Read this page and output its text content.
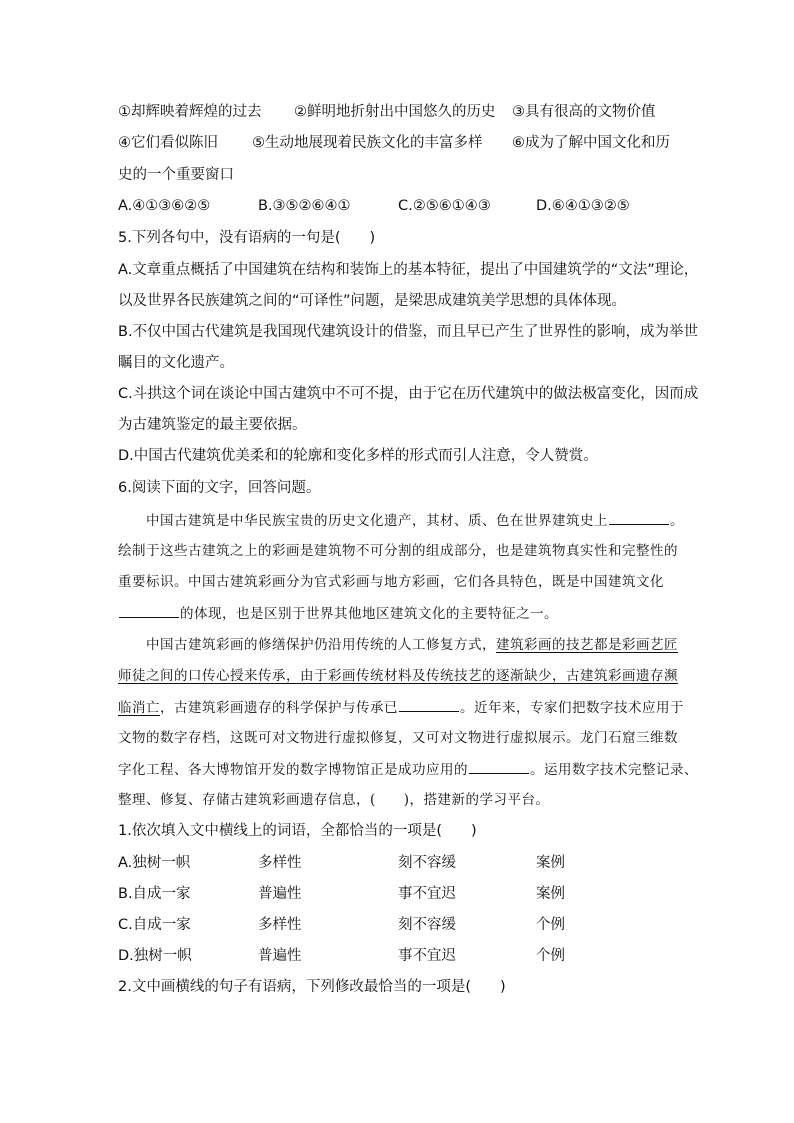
①却辉映着辉煌的过去 ②鲜明地折射出中国悠久的历史 ③具有很高的文物价值
④它们看似陈旧 ⑤生动地展现着民族文化的丰富多样 ⑥成为了解中国文化和历
史的一个重要窗口
A.④①③⑥②⑤	B.③⑤②⑥④①	C.②⑤⑥①④③	D.⑥④①③②⑤
5.下列各句中，没有语病的一句是(　　)
A.文章重点概括了中国建筑在结构和装饰上的基本特征，提出了中国建筑学的“文法”理论，
以及世界各民族建筑之间的“可译性”问题，是梁思成建筑美学思想的具体体现。
B.不仅中国古代建筑是我国现代建筑设计的借鉴，而且早已产生了世界性的影响，成为举世
瞩目的文化遗产。
C.斗拱这个词在谈论中国古建筑中不可不提，由于它在历代建筑中的做法极富变化，因而成
为古建筑鉴定的最主要依据。
D.中国古代建筑优美柔和的轮廓和变化多样的形式而引人注意，令人赞赏。
6.阅读下面的文字，回答问题。
中国古建筑是中华民族宝贵的历史文化遗产，其材、质、色在世界建筑史上	。
绘制于这些古建筑之上的彩画是建筑物不可分割的组成部分，也是建筑物真实性和完整性的
重要标识。中国古建筑彩画分为官式彩画与地方彩画，它们各具特色，既是中国建筑文化
的体现，也是区别于世界其他地区建筑文化的主要特征之一。
中国古建筑彩画的修缮保护仍沿用传统的人工修复方式，建筑彩画的技艺都是彩画艺匠
师徒之间的口传心授来传承，由于彩画传统材料及传统技艺的逐渐缺少，古建筑彩画遗存濒
临消亡，古建筑彩画遗存的科学保护与传承已	。近年来，专家们把数字技术应用于
文物的数字存档，这既可对文物进行虚拟修复，又可对文物进行虚拟展示。龙门石窟三维数
字化工程、各大博物馆开发的数字博物馆正是成功应用的	。运用数字技术完整记录、
整理、修复、存储古建筑彩画遗存信息，(　　)，搭建新的学习平台。
1.依次填入文中横线上的词语，全都恰当的一项是(　　)
A.独树一帜	多样性	刻不容缓	案例
B.自成一家	普遍性	事不宜迟	案例
C.自成一家	多样性	刻不容缓	个例
D.独树一帜	普遍性	事不宜迟	个例
2.文中画横线的句子有语病，下列修改最恰当的一项是(　　)
